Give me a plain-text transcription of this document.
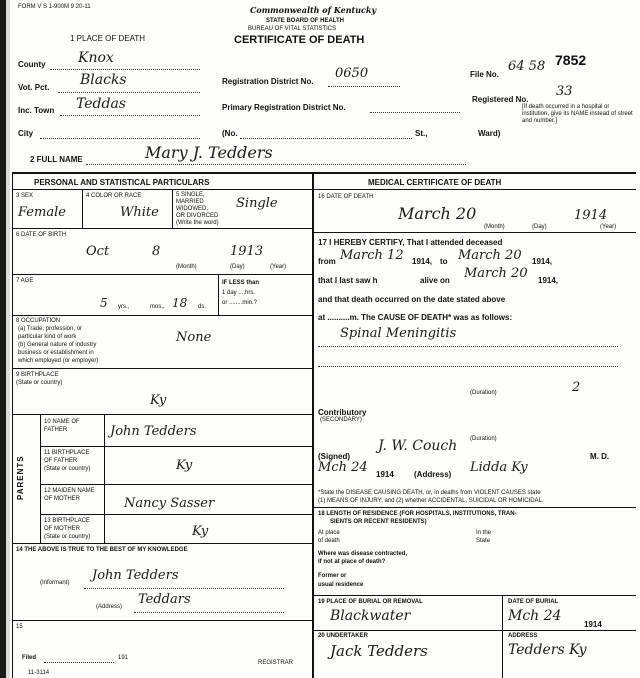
FORM V S 1-900M 9 20-11
1 PLACE OF DEATH
Commonwealth of Kentucky
STATE BOARD OF HEALTH
BUREAU OF VITAL STATISTICS
CERTIFICATE OF DEATH
7852
County Knox
Vot. Pct. Blacks
Inc. Town Teddas
City
Registration District No.
0650
Primary Registration District No.
(No.	St.,	Ward)
File No.
64 58
Registered No.
33
[If death occurred in a hospital or institution, give its NAME instead of street and number.]
2 FULL NAME	Mary J. Tedders
PERSONAL AND STATISTICAL PARTICULARS	MEDICAL CERTIFICATE OF DEATH
3 SEX
Female
4 COLOR OR RACE
White
5 SINGLE,
MARRIED
WIDOWED,
OR DIVORCED
(Write the word)
Single
6 DATE OF BIRTH
Oct	8	1913
(Month)	(Day)	(Year)
7 AGE
5 yrs.,	18
mos.,	ds.
IF LESS than
1 day ....hrs.
or ........min.?
8 OCCUPATION
(a) Trade, profession, or
particular kind of work
(b) General nature of industry
business or establishment in
which employed (or employer)
None
9 BIRTHPLACE
(State or country)
Ky
PARENTS
10 NAME OF
FATHER	John Tedders
11 BIRTHPLACE
OF FATHER
(State or country)	Ky
12 MAIDEN NAME
OF MOTHER	Nancy Sasser
13 BIRTHPLACE
OF MOTHER
(State or country)	Ky
14 THE ABOVE IS TRUE TO THE BEST OF MY KNOWLEDGE
(Informant) John Tedders
(Address) Teddars
15
Filed	191
REGISTRAR
11-3114
16 DATE OF DEATH
March 20	1914
(Month)	(Day)	(Year)
17 I HEREBY CERTIFY, That I attended deceased
from March 12 1914, to March 20 1914,
that I last saw h	alive on March 20 1914,
and that death occurred on the date stated above
at ..........m. The CAUSE OF DEATH* was as follows:
Spinal Meningitis
(Duration)	2
Contributory
(SECONDARY)
(Duration)
(Signed)
J. W. Couch
M. D.
Mch 24 1914	(Address) Lidda Ky
*State the DISEASE CAUSING DEATH, or, in deaths from VIOLENT CAUSES state
(1) MEANS OF INJURY; and (2) whether ACCIDENTAL, SUICIDAL OR HOMICIDAL.
18 LENGTH OF RESIDENCE (FOR HOSPITALS, INSTITUTIONS, TRAN-
SIENTS OR RECENT RESIDENTS)
At place
of death
In the
State
Where was disease contracted,
if not at place of death?
Former or
usual residence
19 PLACE OF BURIAL OR REMOVAL
Blackwater
DATE OF BURIAL
Mch 24
1914
20 UNDERTAKER
Jack Tedders
ADDRESS
Tedders Ky
